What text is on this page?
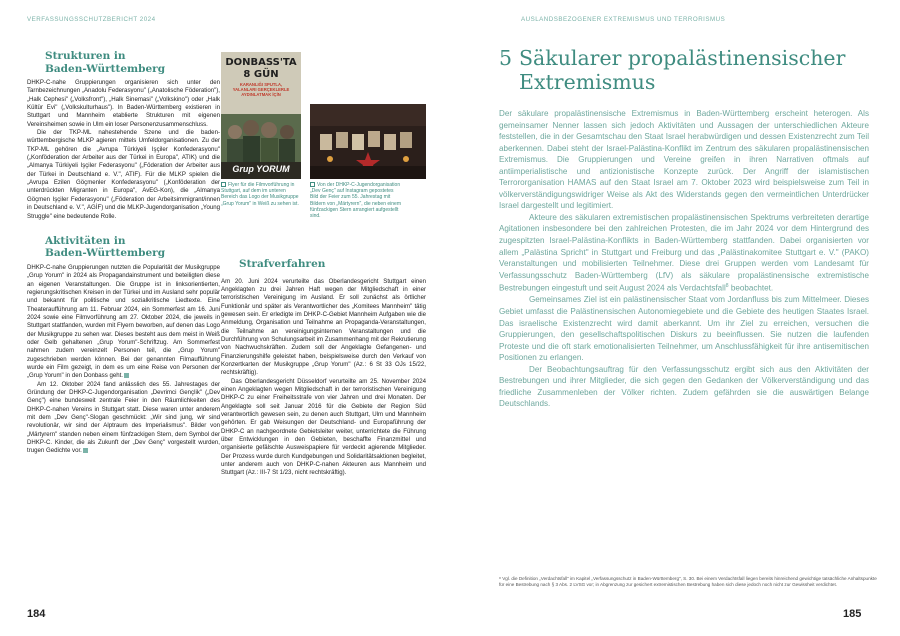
VERFASSUNGSSCHUTZBERICHT 2024
Strukturen in Baden-Württemberg

DHKP-C-nahe Gruppierungen organisieren sich unter den Tarnbezeichnungen „Anadolu Federasyonu" („Anatolische Föderation"), „Halk Cephesi" („Volksfront"), „Halk Sinemasi" („Volkskino") oder „Halk Kültür Evi" („Volkskulturhaus"). In Baden-Württemberg existieren in Stuttgart und Mannheim etablierte Strukturen mit eigenen Vereinsheimen sowie in Ulm ein loser Personenzusammenschluss.

Die der TKP-ML nahestehende Szene und die baden-württembergische MLKP agieren mittels Umfeldorganisationen. Zu der TKP-ML gehören die „Avrupa Türkiyeli Işçiler Konfederasyonu" („Konföderation der Arbeiter aus der Türkei in Europa", ATIK) und die „Almanya Türkiyeli Işçiler Federasyonu" („Föderation der Arbeiter aus der Türkei in Deutschland e. V.", ATIF). Für die MLKP spielen die „Avrupa Ezilen Göçmenler Konfederasyonu" („Konföderation der unterdrückten Migranten in Europa", AvEG-Kon), die „Almanya Göçmen Işçiler Federasyonu" („Föderation der Arbeitsimmigrant/innen in Deutschland e. V.", AGİF) und die MLKP-Jugendorganisation „Young Struggle" eine bedeutende Rolle.

Aktivitäten in Baden-Württemberg

DHKP-C-nahe Gruppierungen nutzten die Popularität der Musikgruppe „Grup Yorum" in 2024 als Propagandainstrument und beteiligten diese an eigenen Veranstaltungen. Die Gruppe ist in linksorientierten, regierungskritischen Kreisen in der Türkei und im Ausland sehr populär und bekannt für politische und sozialkritische Liedtexte. Eine Theateraufführung am 11. Februar 2024, ein Sommerfest am 16. Juni 2024 sowie eine Filmvorführung am 27. Oktober 2024, die jeweils in Stuttgart stattfanden, wurden mit Flyern beworben, auf denen das Logo der Musikgruppe zu sehen war. Dieses besteht aus dem meist in Weiß oder Gelb gehaltenen „Grup Yorum"-Schriftzug. Am Sommerfest nahmen zudem vereinzelt Personen teil, die „Grup Yorum" zugeschrieben werden können. Bei der genannten Filmaufführung wurde ein Film gezeigt, in dem es um eine Reise von Personen der „Grup Yorum" in den Donbass geht.

Am 12. Oktober 2024 fand anlässlich des 55. Jahrestages der Gründung der DHKP-C-Jugendorganisation „Devrimci Gençlik" („Dev Genç") eine bundesweit zentrale Feier in den Räumlichkeiten des DHKP-C-nahen Vereins in Stuttgart statt. Diese waren unter anderem mit dem „Dev Genç"-Slogan geschmückt: „Wir sind jung, wir sind revolutionär, wir sind der Alptraum des Imperialismus". Bilder von „Märtyrern" standen neben einem fünfzackigen Stern, dem Symbol der DHKP-C. Kinder, die als Zukunft der „Dev Genç" vorgestellt wurden, trugen Gedichte vor.

DONBASS'TA
8 GÜN
KARANLIĞI SPUTLA,
YALANLARI GERÇEKLERLE
AYDINLATMAK İÇİN
Grup YORUM
Flyer für die Filmvorführung in Stuttgart, auf dem im unteren Bereich das Logo der Musikgruppe „Grup Yorum" in Weiß zu sehen ist.
Von der DHKP-C-Jugendorganisation „Dev Genç" auf Instagram gepostetes Bild der Feier zum 55. Jahrestag mit Bildern von „Märtyrern", die neben einem fünfzackigen Stern arrangiert aufgestellt sind.
Strafverfahren

Am 20. Juni 2024 verurteilte das Oberlandesgericht Stuttgart einen Angeklagten zu drei Jahren Haft wegen der Mitgliedschaft in einer terroristischen Vereinigung im Ausland. Er soll zunächst als örtlicher Funktionär und später als Verantwortlicher des „Komitees Mannheim" tätig gewesen sein. Er erledigte im DHKP-C-Gebiet Mannheim Aufgaben wie die Anmeldung, Organisation und Teilnahme an Propaganda-Veranstaltungen, die Teilnahme an vereinigungsinternen Veranstaltungen und die Durchführung von Schulungsarbeit im Zusammenhang mit der Rekrutierung von Nachwuchskräften. Zudem soll der Angeklagte Gefangenen- und Finanzierungshilfe geleistet haben, beispielsweise durch den Verkauf von Konzertkarten der Musikgruppe „Grup Yorum" (Az.: 6 St 33 OJs 15/22, rechtskräftig).

Das Oberlandesgericht Düsseldorf verurteilte am 25. November 2024 einen Angeklagten wegen Mitgliedschaft in der terroristischen Vereinigung DHKP-C zu einer Freiheitsstrafe von vier Jahren und drei Monaten. Der Angeklagte soll seit Januar 2016 für die Gebiete der Region Süd verantwortlich gewesen sein, zu denen auch Stuttgart, Ulm und Mannheim gehörten. Er gab Weisungen der Deutschland- und Europaführung der DHKP-C an nachgeordnete Gebietsleiter weiter, unterrichtete die Führung über Entwicklungen in den Gebieten, beschaffte Finanzmittel und organisierte gefälschte Ausweispapiere für verdeckt agierende Mitglieder. Der Prozess wurde durch Kundgebungen und Solidaritätsaktionen begleitet, unter anderem auch von DHKP-C-nahen Akteuren aus Mannheim und Stuttgart (Az.: III-7 St 1/23, nicht rechtskräftig).

184
AUSLANDSBEZOGENER EXTREMISMUS UND TERRORISMUS
5 Säkularer propalästinensischer Extremismus

Der säkulare propalästinensische Extremismus in Baden-Württemberg erscheint heterogen. Als gemeinsamer Nenner lassen sich jedoch Aktivitäten und Aussagen der unterschiedlichen Akteure feststellen, die in der Gesamtschau den Staat Israel herabwürdigen und dessen Existenzrecht zum Teil aberkennen. Dabei steht der Israel-Palästina-Konflikt im Zentrum des säkularen propalästinensischen Extremismus. Die Gruppierungen und Vereine greifen in ihren Narrativen oftmals auf antiimperialistische und antizionistische Konzepte zurück. Der Angriff der islamistischen Terrororganisation HAMAS auf den Staat Israel am 7. Oktober 2023 wird beispielsweise zum Teil in völkerverständigungswidriger Weise als Akt des Widerstands gegen den vermeintlichen Unterdrücker Israel dargestellt und legitimiert.

Akteure des säkularen extremistischen propalästinensischen Spektrums verbreiteten derartige Agitationen insbesondere bei den zahlreichen Protesten, die im Jahr 2024 vor dem Hintergrund des zugespitzten Israel-Palästina-Konflikts in Baden-Württemberg stattfanden. Dabei organisierten vor allem „Palästina Spricht" in Stuttgart und Freiburg und das „Palästinakomitee Stuttgart e. V." (PAKO) Veranstaltungen und mobilisierten Teilnehmer. Diese drei Gruppen werden vom Landesamt für Verfassungsschutz Baden-Württemberg (LfV) als säkulare propalästinensische extremistische Bestrebungen eingestuft und seit August 2024 als Verdachtsfall$^8$ beobachtet.

Gemeinsames Ziel ist ein palästinensischer Staat vom Jordanfluss bis zum Mittelmeer. Dieses Gebiet umfasst die Palästinensischen Autonomiegebiete und die Gebiete des heutigen Staates Israel. Das israelische Existenzrecht wird damit aberkannt. Um ihr Ziel zu erreichen, versuchen die Gruppierungen, den gesellschaftspolitischen Diskurs zu beeinflussen. Sie nutzen die laufenden Proteste und die oft stark emotionalisierten Teilnehmer, um Anschlussfähigkeit für ihre antisemitischen Positionen zu erlangen.

Der Beobachtungsauftrag für den Verfassungsschutz ergibt sich aus den Aktivitäten der Bestrebungen und ihrer Mitglieder, die sich gegen den Gedanken der Völkerverständigung und das friedliche Zusammenleben der Völker richten. Zudem gefährden sie die auswärtigen Belange Deutschlands.

⁸ Vgl. die Definition „Verdachtsfall" im Kapitel „Verfassungsschutz in Baden-Württemberg", S. 30. Bei einem Verdachtsfall liegen bereits hinreichend gewichtige tatsächliche Anhaltspunkte für eine Bestrebung nach § 3 Abs. 2 LVSG vor; in Abgrenzung zur gesichert extremistischen Bestrebung haben sich diese jedoch noch nicht zur Gewissheit verdichtet.
185
